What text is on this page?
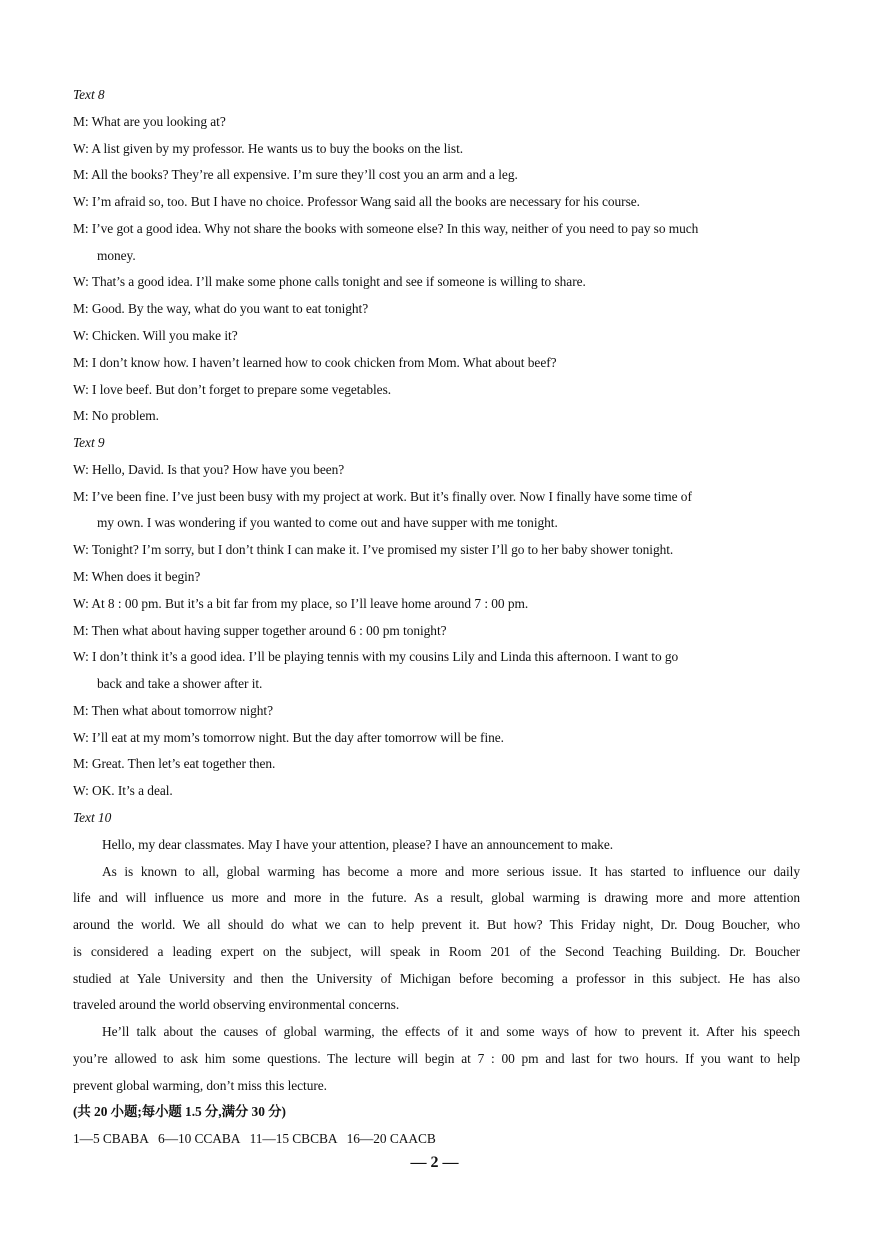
Text 8
M: What are you looking at?
W: A list given by my professor. He wants us to buy the books on the list.
M: All the books? They’re all expensive. I’m sure they’ll cost you an arm and a leg.
W: I’m afraid so, too. But I have no choice. Professor Wang said all the books are necessary for his course.
M: I’ve got a good idea. Why not share the books with someone else? In this way, neither of you need to pay so much
money.
W: That’s a good idea. I’ll make some phone calls tonight and see if someone is willing to share.
M: Good. By the way, what do you want to eat tonight?
W: Chicken. Will you make it?
M: I don’t know how. I haven’t learned how to cook chicken from Mom. What about beef?
W: I love beef. But don’t forget to prepare some vegetables.
M: No problem.
Text 9
W: Hello, David. Is that you? How have you been?
M: I’ve been fine. I’ve just been busy with my project at work. But it’s finally over. Now I finally have some time of
my own. I was wondering if you wanted to come out and have supper with me tonight.
W: Tonight? I’m sorry, but I don’t think I can make it. I’ve promised my sister I’ll go to her baby shower tonight.
M: When does it begin?
W: At 8 : 00 pm. But it’s a bit far from my place, so I’ll leave home around 7 : 00 pm.
M: Then what about having supper together around 6 : 00 pm tonight?
W: I don’t think it’s a good idea. I’ll be playing tennis with my cousins Lily and Linda this afternoon. I want to go
back and take a shower after it.
M: Then what about tomorrow night?
W: I’ll eat at my mom’s tomorrow night. But the day after tomorrow will be fine.
M: Great. Then let’s eat together then.
W: OK. It’s a deal.
Text 10
Hello, my dear classmates. May I have your attention, please? I have an announcement to make.
As is known to all, global warming has become a more and more serious issue. It has started to influence our daily
life and will influence us more and more in the future. As a result, global warming is drawing more and more attention
around the world. We all should do what we can to help prevent it. But how? This Friday night, Dr. Doug Boucher, who
is considered a leading expert on the subject, will speak in Room 201 of the Second Teaching Building. Dr. Boucher
studied at Yale University and then the University of Michigan before becoming a professor in this subject. He has also
traveled around the world observing environmental concerns.
He’ll talk about the causes of global warming, the effects of it and some ways of how to prevent it. After his speech
you’re allowed to ask him some questions. The lecture will begin at 7 : 00 pm and last for two hours. If you want to help
prevent global warming, don’t miss this lecture.
(共 20 小题;每小题 1.5 分,满分 30 分)
1—5 CBABA   6—10 CCABA   11—15 CBCBA   16—20 CAACB
— 2 —
